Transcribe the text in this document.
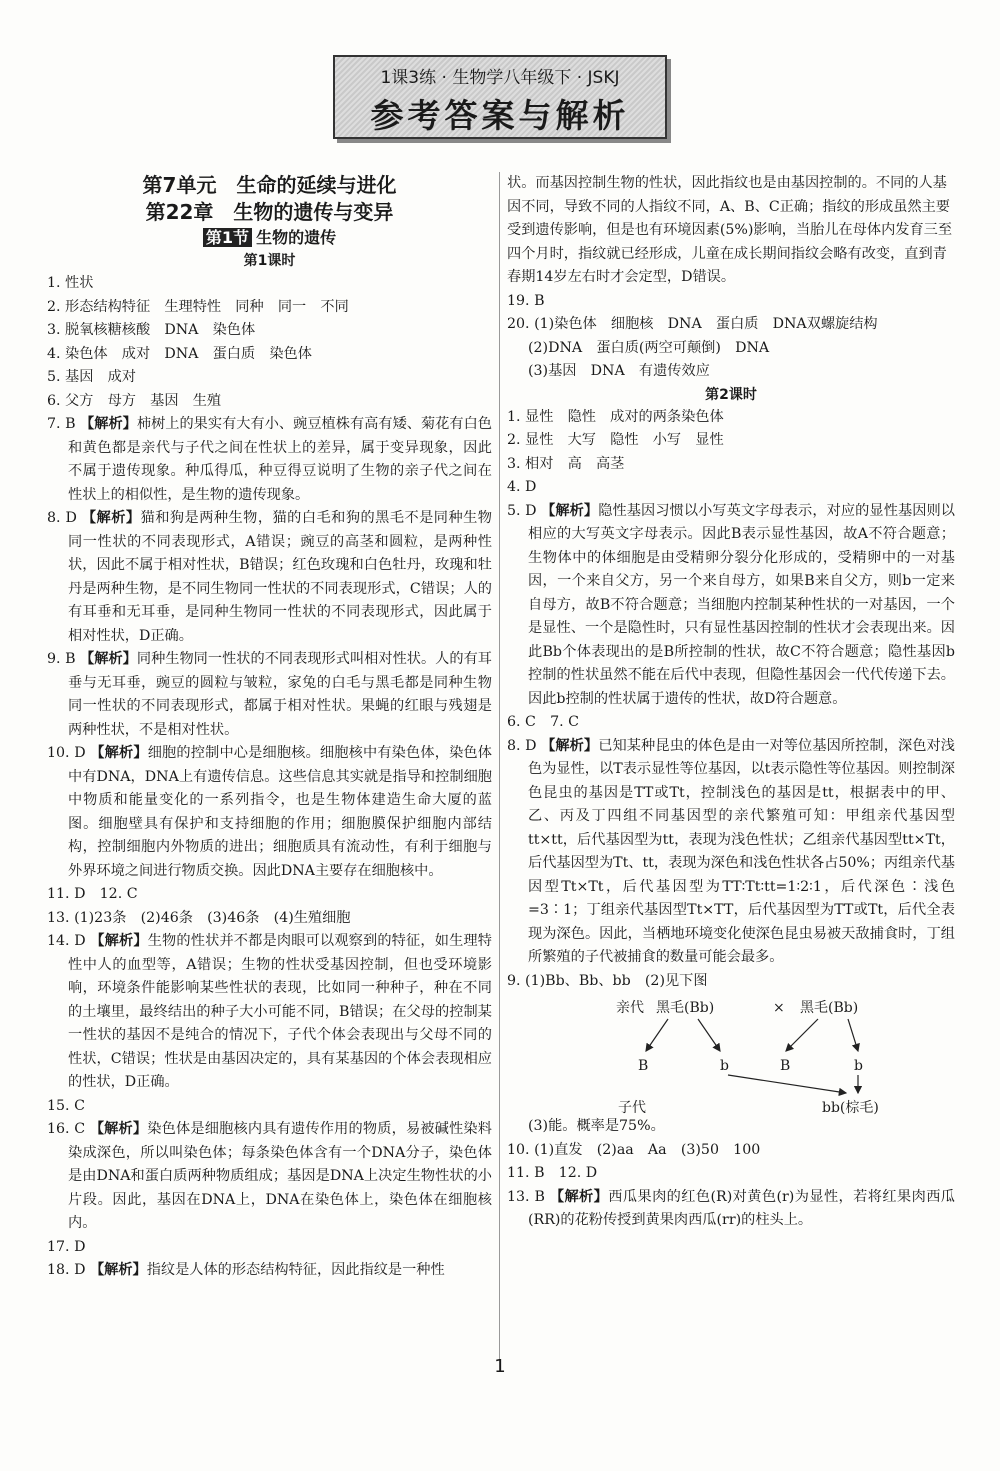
1课3练 · 生物学八年级下 · JSKJ
参考答案与解析
第7单元　生命的延续与进化
第22章　生物的遗传与变异
第1节 生物的遗传
第1课时
1. 性状
2. 形态结构特征　生理特性　同种　同一　不同
3. 脱氧核糖核酸　DNA　染色体
4. 染色体　成对　DNA　蛋白质　染色体
5. 基因　成对
6. 父方　母方　基因　生殖
7. B 【解析】柿树上的果实有大有小、豌豆植株有高有矮、菊花有白色和黄色都是亲代与子代之间在性状上的差异，属于变异现象，因此不属于遗传现象。种瓜得瓜，种豆得豆说明了生物的亲子代之间在性状上的相似性，是生物的遗传现象。
8. D 【解析】猫和狗是两种生物，猫的白毛和狗的黑毛不是同种生物同一性状的不同表现形式，A错误；豌豆的高茎和圆粒，是两种性状，因此不属于相对性状，B错误；红色玫瑰和白色牡丹，玫瑰和牡丹是两种生物，是不同生物同一性状的不同表现形式，C错误；人的有耳垂和无耳垂，是同种生物同一性状的不同表现形式，因此属于相对性状，D正确。
9. B 【解析】同种生物同一性状的不同表现形式叫相对性状。人的有耳垂与无耳垂，豌豆的圆粒与皱粒，家兔的白毛与黑毛都是同种生物同一性状的不同表现形式，都属于相对性状。果蝇的红眼与残翅是两种性状，不是相对性状。
10. D 【解析】细胞的控制中心是细胞核。细胞核中有染色体，染色体中有DNA，DNA上有遗传信息。这些信息其实就是指导和控制细胞中物质和能量变化的一系列指令，也是生物体建造生命大厦的蓝图。细胞壁具有保护和支持细胞的作用；细胞膜保护细胞内部结构，控制细胞内外物质的进出；细胞质具有流动性，有利于细胞与外界环境之间进行物质交换。因此DNA主要存在细胞核中。
11. D　12. C
13. (1)23条　(2)46条　(3)46条　(4)生殖细胞
14. D 【解析】生物的性状并不都是肉眼可以观察到的特征，如生理特性中人的血型等，A错误；生物的性状受基因控制，但也受环境影响，环境条件能影响某些性状的表现，比如同一种种子，种在不同的土壤里，最终结出的种子大小可能不同，B错误；在父母的控制某一性状的基因不是纯合的情况下，子代个体会表现出与父母不同的性状，C错误；性状是由基因决定的，具有某基因的个体会表现相应的性状，D正确。
15. C
16. C 【解析】染色体是细胞核内具有遗传作用的物质，易被碱性染料染成深色，所以叫染色体；每条染色体含有一个DNA分子，染色体是由DNA和蛋白质两种物质组成；基因是DNA上决定生物性状的小片段。因此，基因在DNA上，DNA在染色体上，染色体在细胞核内。
17. D
18. D 【解析】指纹是人体的形态结构特征，因此指纹是一种性
状。而基因控制生物的性状，因此指纹也是由基因控制的。不同的人基因不同，导致不同的人指纹不同，A、B、C正确；指纹的形成虽然主要受到遗传影响，但是也有环境因素(5%)影响，当胎儿在母体内发育三至四个月时，指纹就已经形成，儿童在成长期间指纹会略有改变，直到青春期14岁左右时才会定型，D错误。
19. B
20. (1)染色体　细胞核　DNA　蛋白质　DNA双螺旋结构
(2)DNA　蛋白质(两空可颠倒)　DNA
(3)基因　DNA　有遗传效应
第2课时
1. 显性　隐性　成对的两条染色体
2. 显性　大写　隐性　小写　显性
3. 相对　高　高茎
4. D
5. D 【解析】隐性基因习惯以小写英文字母表示，对应的显性基因则以相应的大写英文字母表示。因此B表示显性基因，故A不符合题意；生物体中的体细胞是由受精卵分裂分化形成的，受精卵中的一对基因，一个来自父方，另一个来自母方，如果B来自父方，则b一定来自母方，故B不符合题意；当细胞内控制某种性状的一对基因，一个是显性、一个是隐性时，只有显性基因控制的性状才会表现出来。因此Bb个体表现出的是B所控制的性状，故C不符合题意；隐性基因b控制的性状虽然不能在后代中表现，但隐性基因会一代代传递下去。因此b控制的性状属于遗传的性状，故D符合题意。
6. C　7. C
8. D 【解析】已知某种昆虫的体色是由一对等位基因所控制，深色对浅色为显性，以T表示显性等位基因，以t表示隐性等位基因。则控制深色昆虫的基因是TT或Tt，控制浅色的基因是tt，根据表中的甲、乙、丙及丁四组不同基因型的亲代繁殖可知：甲组亲代基因型tt×tt，后代基因型为tt，表现为浅色性状；乙组亲代基因型tt×Tt，后代基因型为Tt、tt，表现为深色和浅色性状各占50%；丙组亲代基因型Tt×Tt，后代基因型为TT∶Tt∶tt=1∶2∶1，后代深色∶浅色=3∶1；丁组亲代基因型Tt×TT，后代基因型为TT或Tt，后代全表现为深色。因此，当栖地环境变化使深色昆虫易被天敌捕食时，丁组所繁殖的子代被捕食的数量可能会最多。
9. (1)Bb、Bb、bb　(2)见下图
亲代 黑毛(Bb)	× 黑毛(Bb)
B	b	B	b
子代	bb(棕毛)
(3)能。概率是75%。
10. (1)直发　(2)aa　Aa　(3)50　100
11. B　12. D
13. B 【解析】西瓜果肉的红色(R)对黄色(r)为显性，若将红果肉西瓜(RR)的花粉传授到黄果肉西瓜(rr)的柱头上。
1
